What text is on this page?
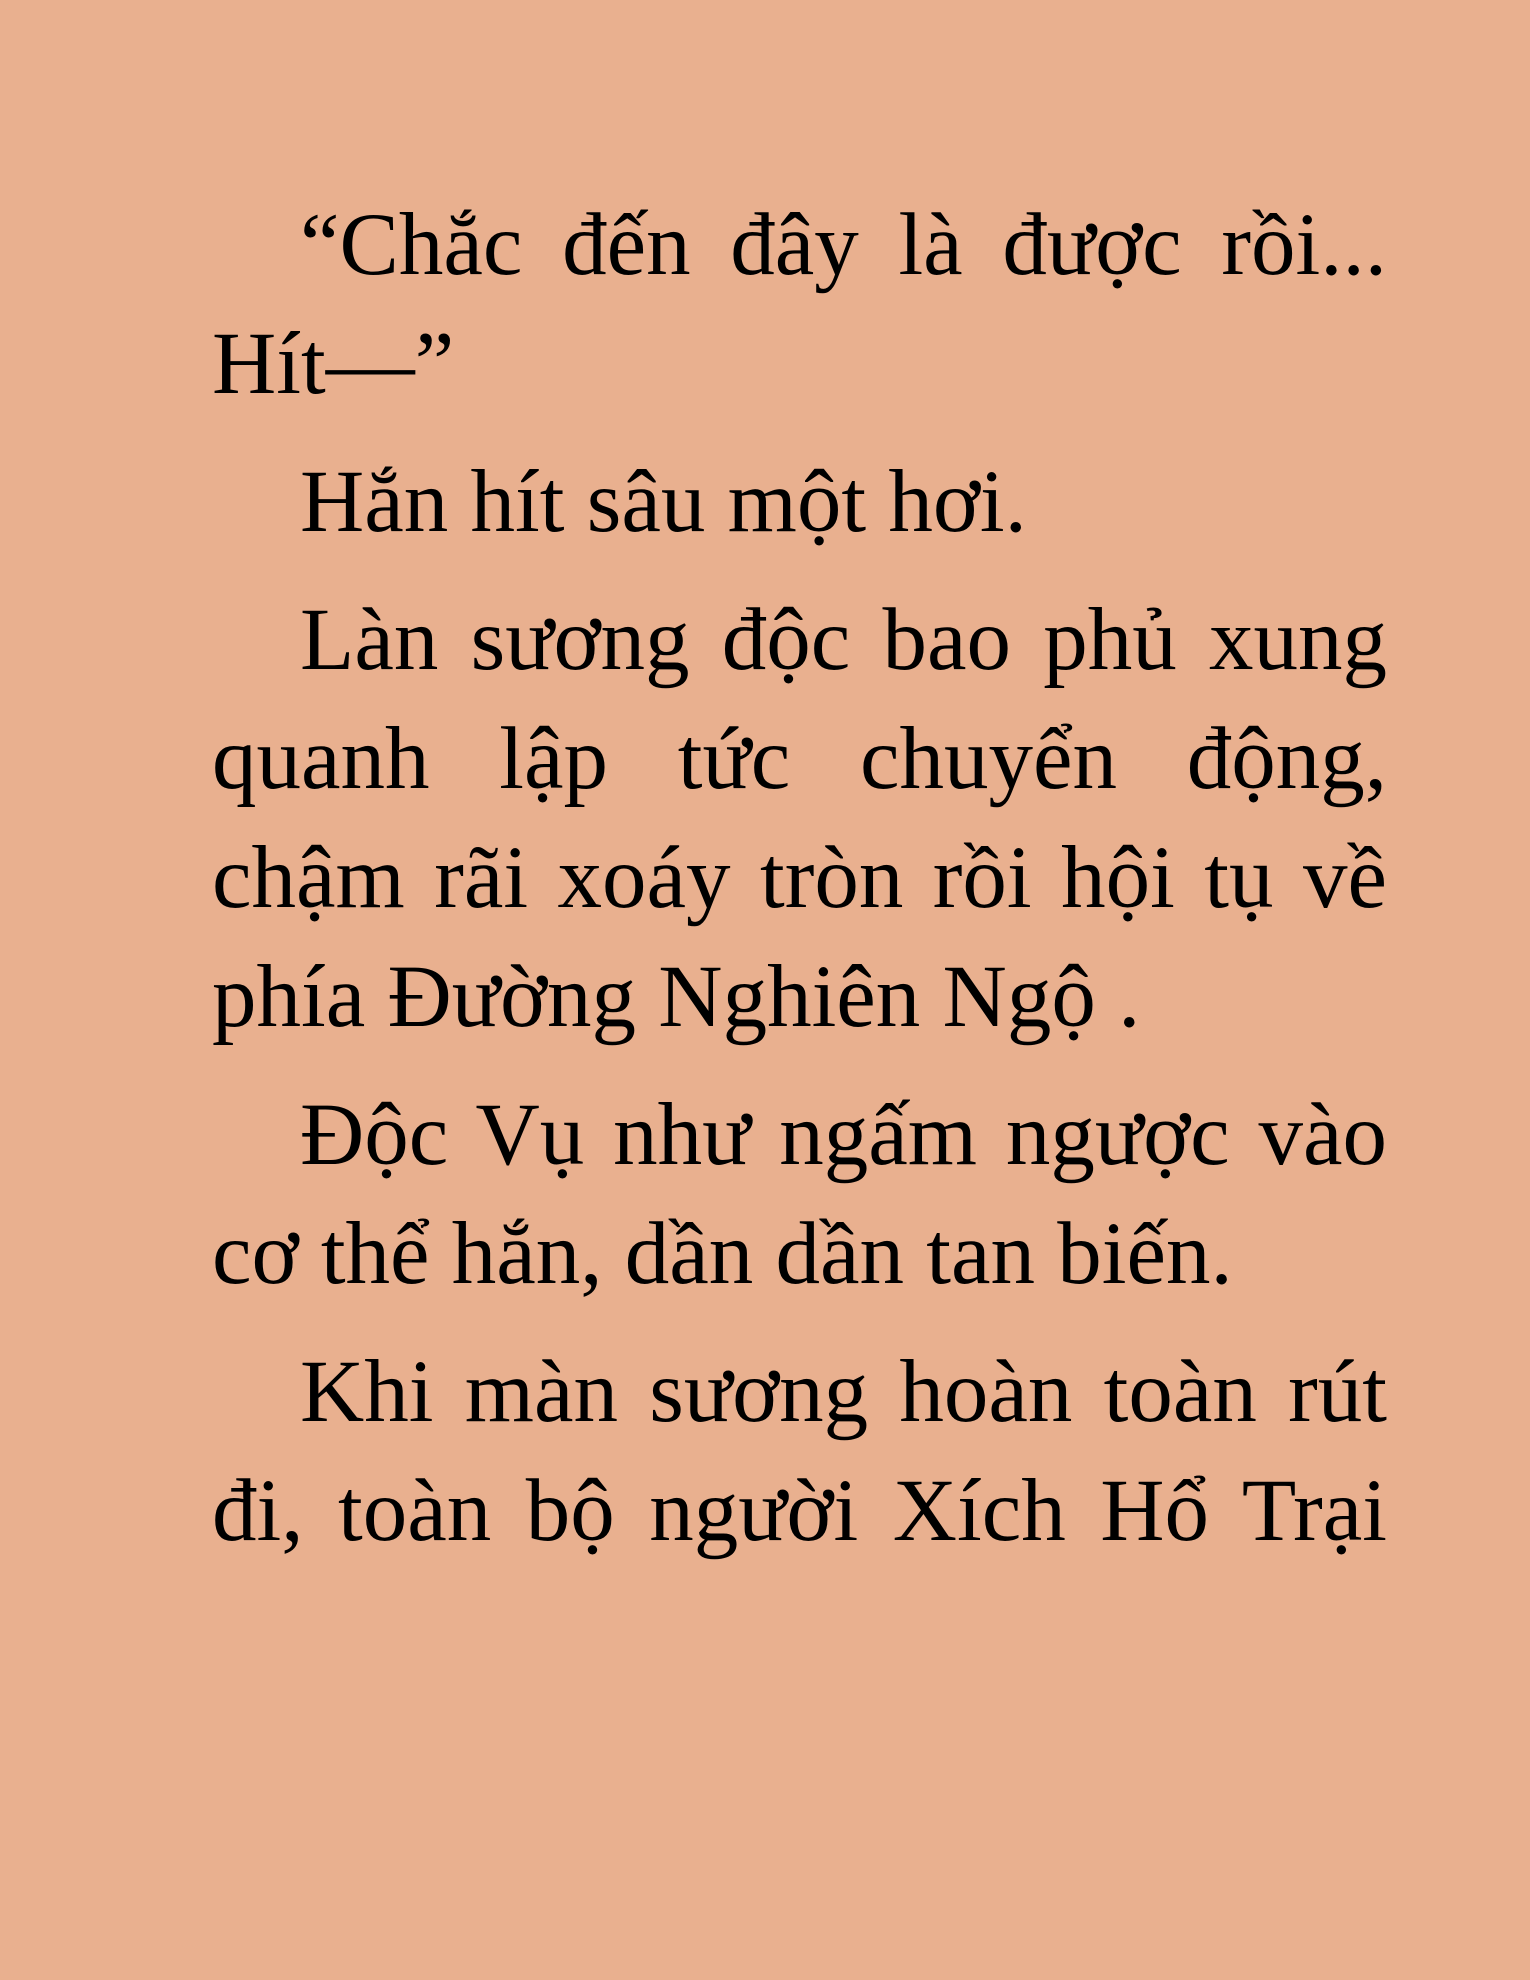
“Chắc đến đây là được rồi... Hít—”

Hắn hít sâu một hơi.

Làn sương độc bao phủ xung quanh lập tức chuyển động, chậm rãi xoáy tròn rồi hội tụ về phía Đường Nghiên Ngộ .

Độc Vụ như ngấm ngược vào cơ thể hắn, dần dần tan biến.

Khi màn sương hoàn toàn rút đi, toàn bộ người Xích Hổ Trại
